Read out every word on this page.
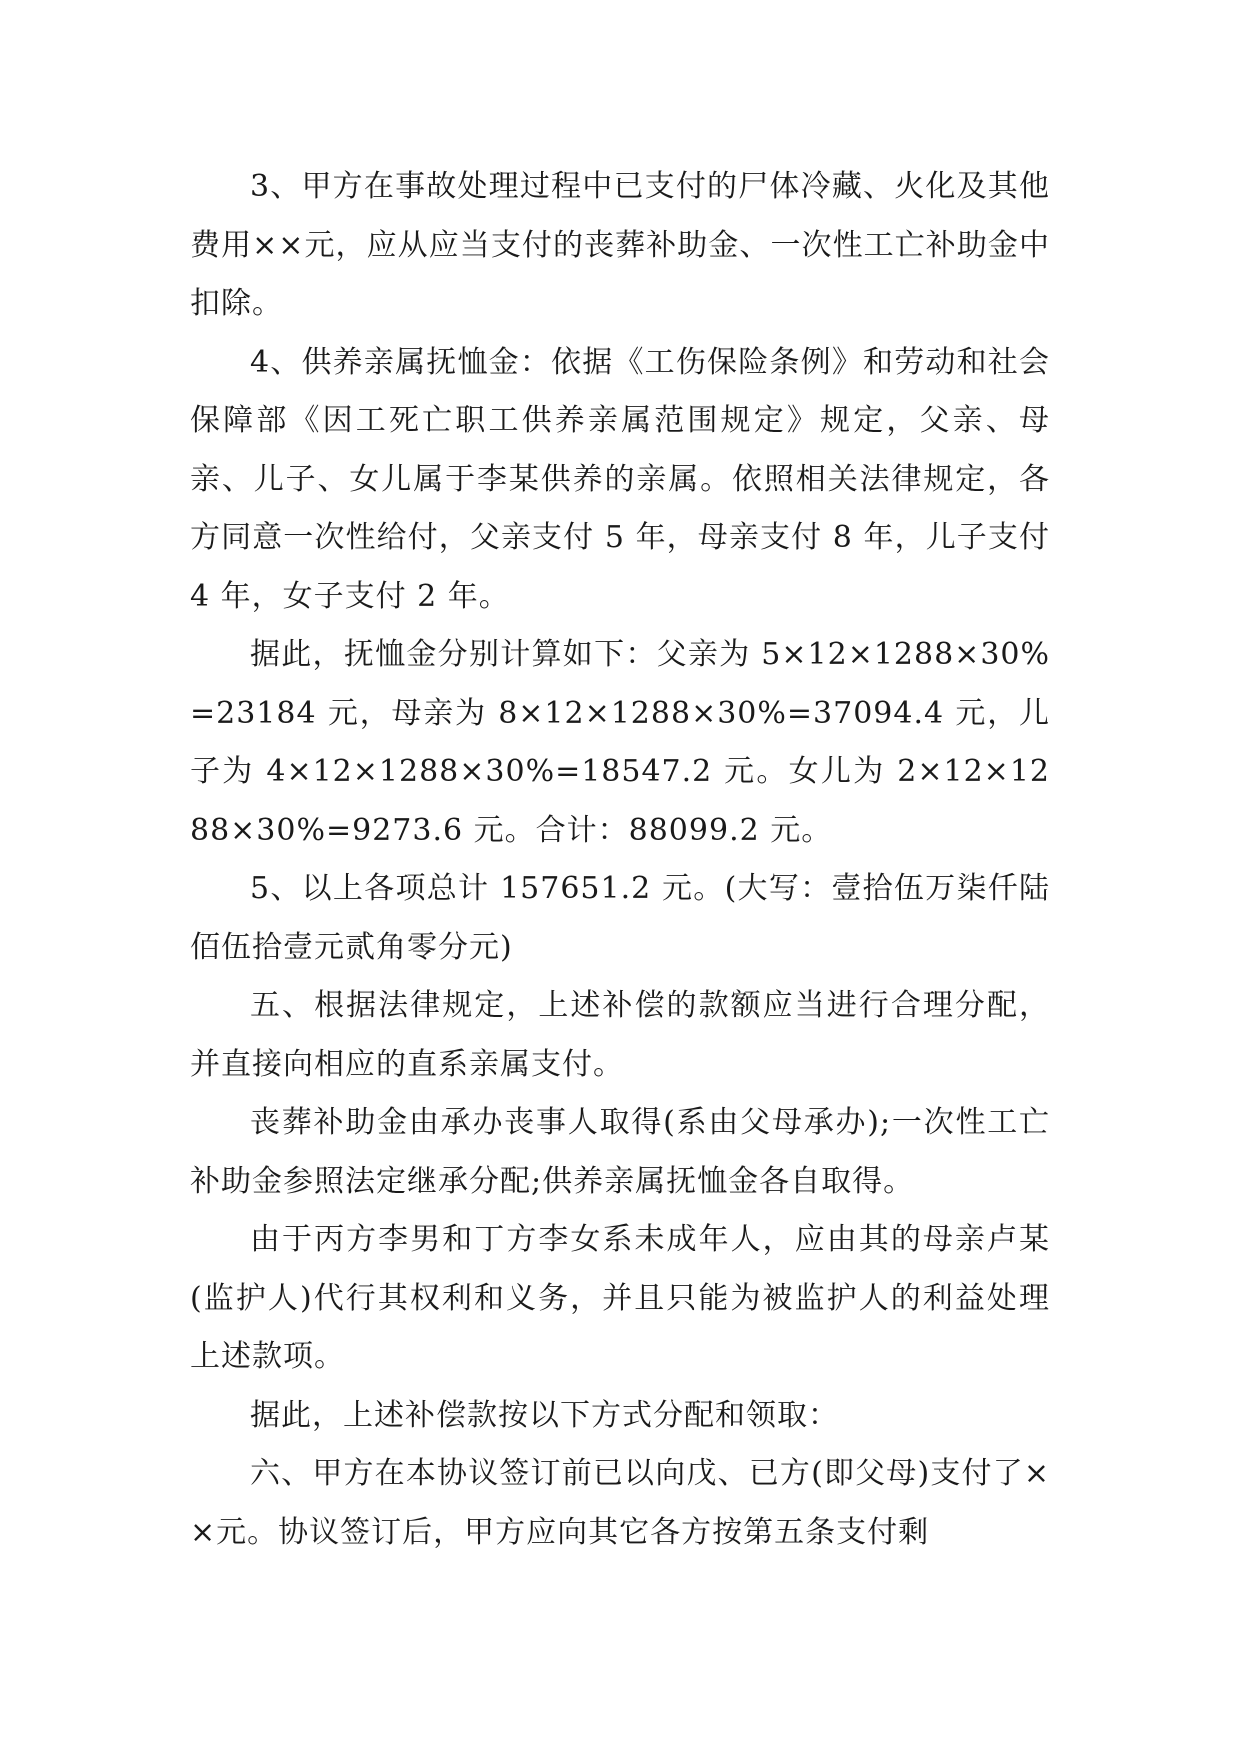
3、甲方在事故处理过程中已支付的尸体冷藏、火化及其他费用××元，应从应当支付的丧葬补助金、一次性工亡补助金中扣除。

4、供养亲属抚恤金：依据《工伤保险条例》和劳动和社会保障部《因工死亡职工供养亲属范围规定》规定，父亲、母亲、儿子、女儿属于李某供养的亲属。依照相关法律规定，各方同意一次性给付，父亲支付 5 年，母亲支付 8 年，儿子支付 4 年，女子支付 2 年。

据此，抚恤金分别计算如下：父亲为 5×12×1288×30%=23184 元，母亲为 8×12×1288×30%=37094.4 元，儿子为 4×12×1288×30%=18547.2 元。女儿为 2×12×1288×30%=9273.6 元。合计：88099.2 元。

5、以上各项总计 157651.2 元。(大写：壹拾伍万柒仟陆佰伍拾壹元贰角零分元)

五、根据法律规定，上述补偿的款额应当进行合理分配，并直接向相应的直系亲属支付。

丧葬补助金由承办丧事人取得(系由父母承办);一次性工亡补助金参照法定继承分配;供养亲属抚恤金各自取得。

由于丙方李男和丁方李女系未成年人，应由其的母亲卢某(监护人)代行其权利和义务，并且只能为被监护人的利益处理上述款项。

据此，上述补偿款按以下方式分配和领取：

六、甲方在本协议签订前已以向戊、已方(即父母)支付了××元。协议签订后，甲方应向其它各方按第五条支付剩
